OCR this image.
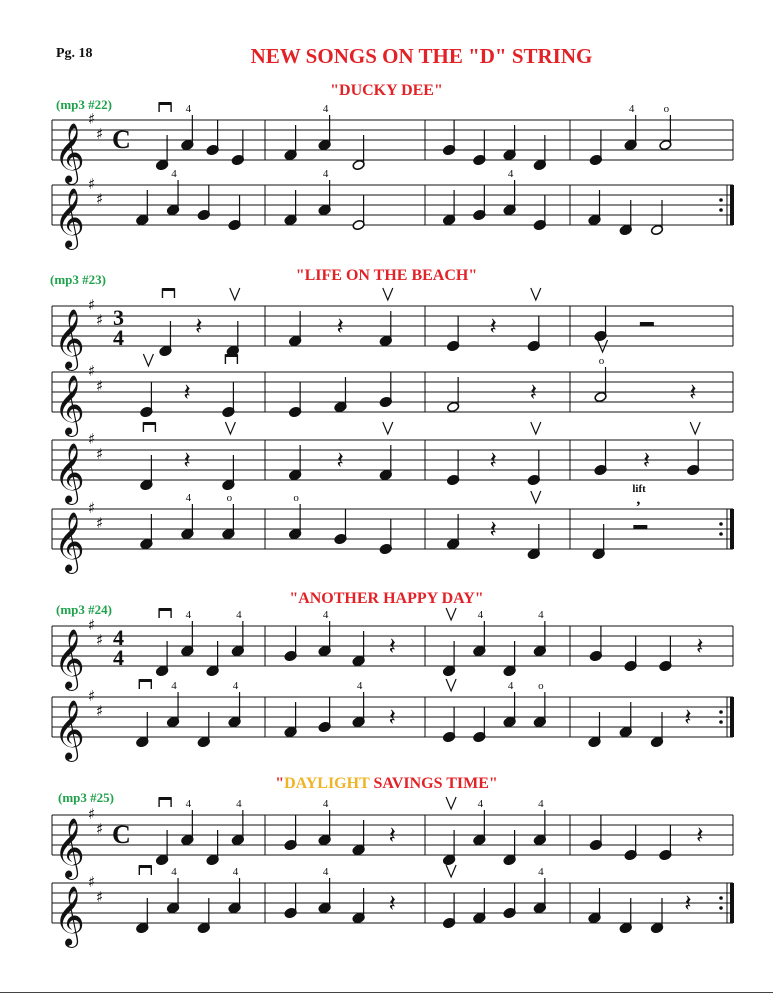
Pg. 18	NEW SONGS ON THE "D" STRING
"DUCKY DEE"
(mp3 #22)
"LIFE ON THE BEACH"
(mp3 #23)
"ANOTHER HAPPY DAY"
(mp3 #24)
"DAYLIGHT SAVINGS TIME"
(mp3 #25)
𝄞
♯
♯ C
4	4	4	o
𝄞
♯
♯
4	4	4
𝄞
♯
♯ 3
4	𝄽	𝄽	𝄽
𝄞
♯
♯	𝄽	𝄽
o
𝄽
𝄞
♯
♯	𝄽	𝄽	𝄽	𝄽
𝄞
♯
♯
4	o	o
𝄽
lift
,
𝄞
♯
♯ 4
4
4	4	4
𝄽
4	4
𝄽
𝄞
♯
♯
4	4	4
𝄽
4 o
𝄽
𝄞
♯
♯ C
4	4	4
𝄽
4	4
𝄽
𝄞
♯
♯
4	4	4
𝄽
4
𝄽
